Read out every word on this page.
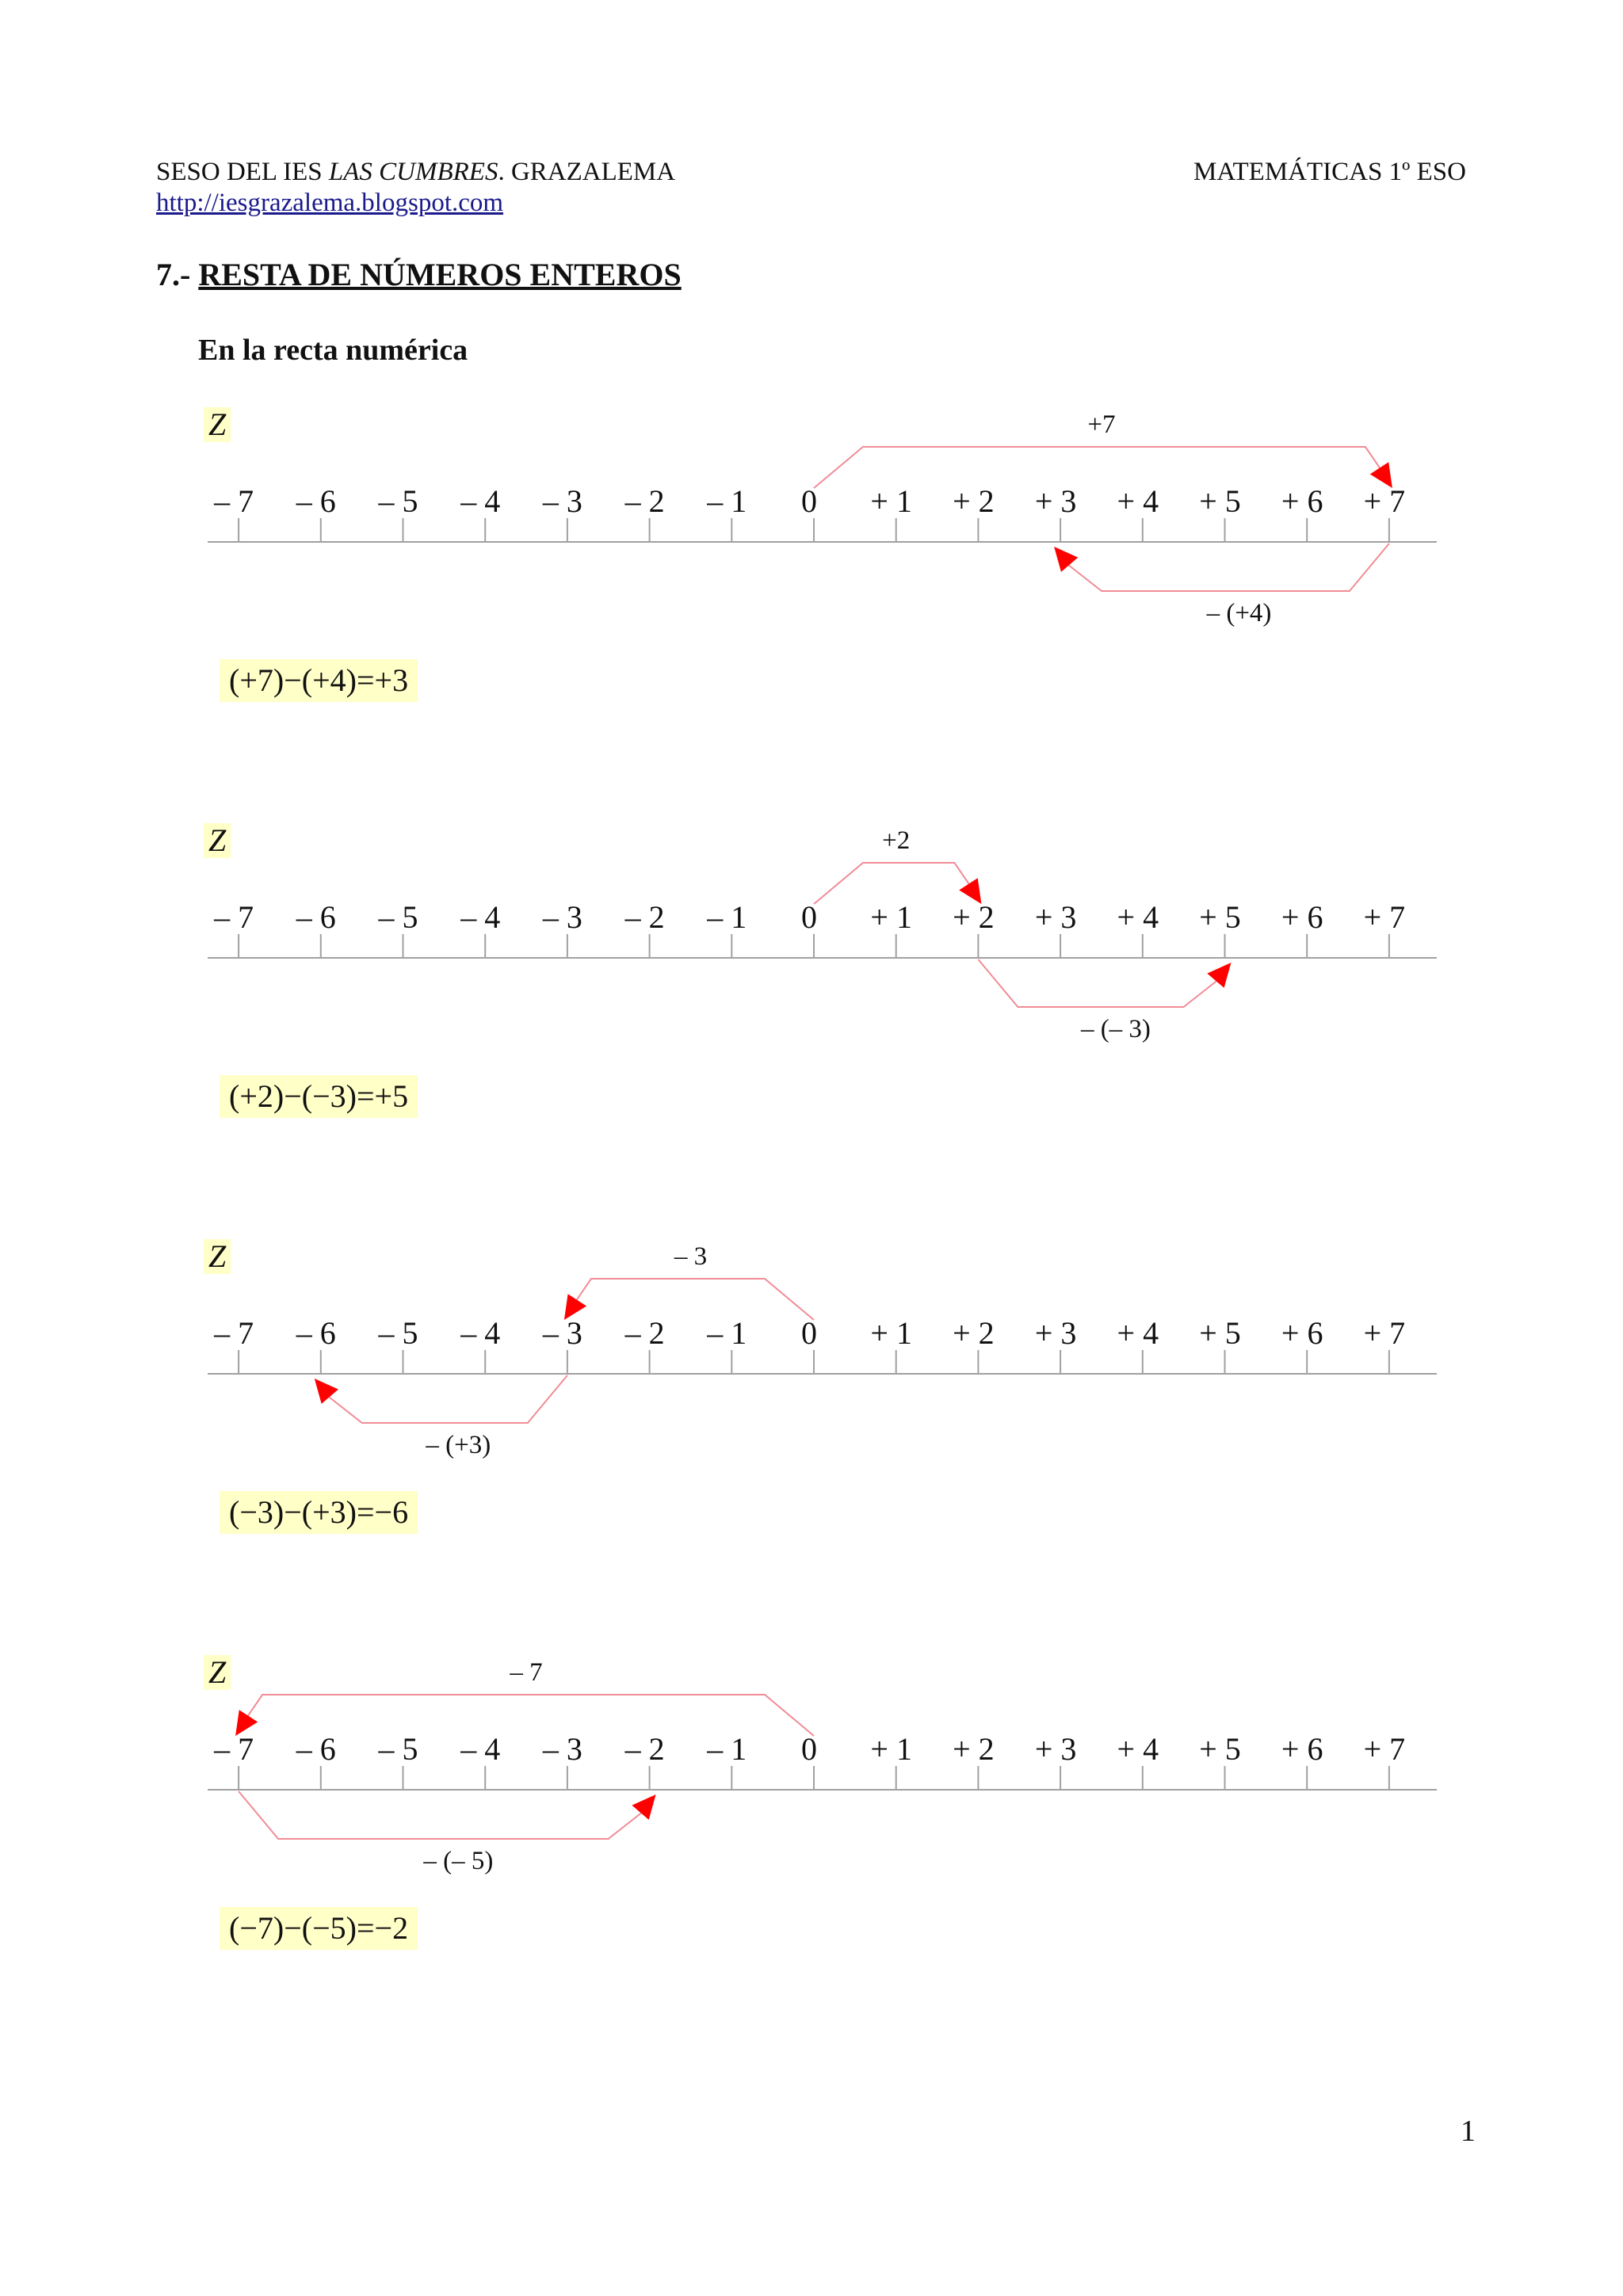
SESO DEL IES LAS CUMBRES. GRAZALEMA	MATEMÁTICAS 1º ESO
http://iesgrazalema.blogspot.com
7.- RESTA DE NÚMEROS ENTEROS
En la recta numérica
Z	+7
– (+4)
(+7)−(+4)=+3
Z	+2
– (– 3)
(+2)−(−3)=+5
Z	– 3
– (+3)
(−3)−(+3)=−6
Z	– 7
– (– 5)
(−7)−(−5)=−2
– 7 – 6 – 5 – 4 – 3 – 2 – 1 0 + 1 + 2 + 3 + 4 + 5 + 6 + 7
– 7 – 6 – 5 – 4 – 3 – 2 – 1 0 + 1 + 2 + 3 + 4 + 5 + 6 + 7
– 7 – 6 – 5 – 4 – 3 – 2 – 1 0 + 1 + 2 + 3 + 4 + 5 + 6 + 7
– 7 – 6 – 5 – 4 – 3 – 2 – 1 0 + 1 + 2 + 3 + 4 + 5 + 6 + 7
1
